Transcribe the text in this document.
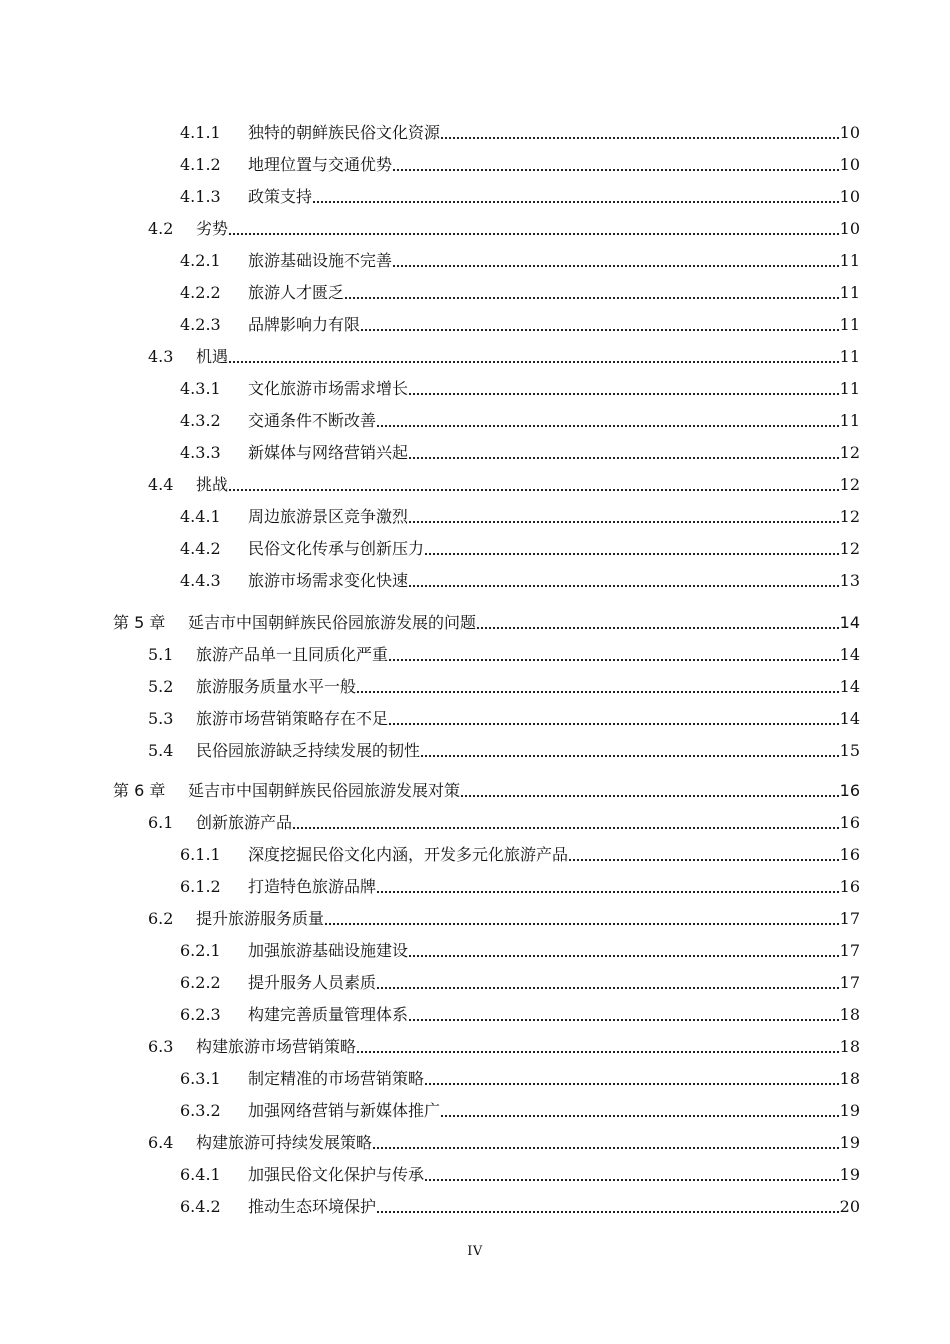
4.1.1	独特的朝鲜族民俗文化资源	10
4.1.2	地理位置与交通优势	10
4.1.3	政策支持	10
4.2	劣势	10
4.2.1	旅游基础设施不完善	11
4.2.2	旅游人才匮乏	11
4.2.3	品牌影响力有限	11
4.3	机遇	11
4.3.1	文化旅游市场需求增长	11
4.3.2	交通条件不断改善	11
4.3.3	新媒体与网络营销兴起	12
4.4	挑战	12
4.4.1	周边旅游景区竞争激烈	12
4.4.2	民俗文化传承与创新压力	12
4.4.3	旅游市场需求变化快速	13
第 5 章	延吉市中国朝鲜族民俗园旅游发展的问题	14
5.1	旅游产品单一且同质化严重	14
5.2	旅游服务质量水平一般	14
5.3	旅游市场营销策略存在不足	14
5.4	民俗园旅游缺乏持续发展的韧性	15
第 6 章	延吉市中国朝鲜族民俗园旅游发展对策	16
6.1	创新旅游产品	16
6.1.1	深度挖掘民俗文化内涵，开发多元化旅游产品	16
6.1.2	打造特色旅游品牌	16
6.2	提升旅游服务质量	17
6.2.1	加强旅游基础设施建设	17
6.2.2	提升服务人员素质	17
6.2.3	构建完善质量管理体系	18
6.3	构建旅游市场营销策略	18
6.3.1	制定精准的市场营销策略	18
6.3.2	加强网络营销与新媒体推广	19
6.4	构建旅游可持续发展策略	19
6.4.1	加强民俗文化保护与传承	19
6.4.2	推动生态环境保护	20
IV
